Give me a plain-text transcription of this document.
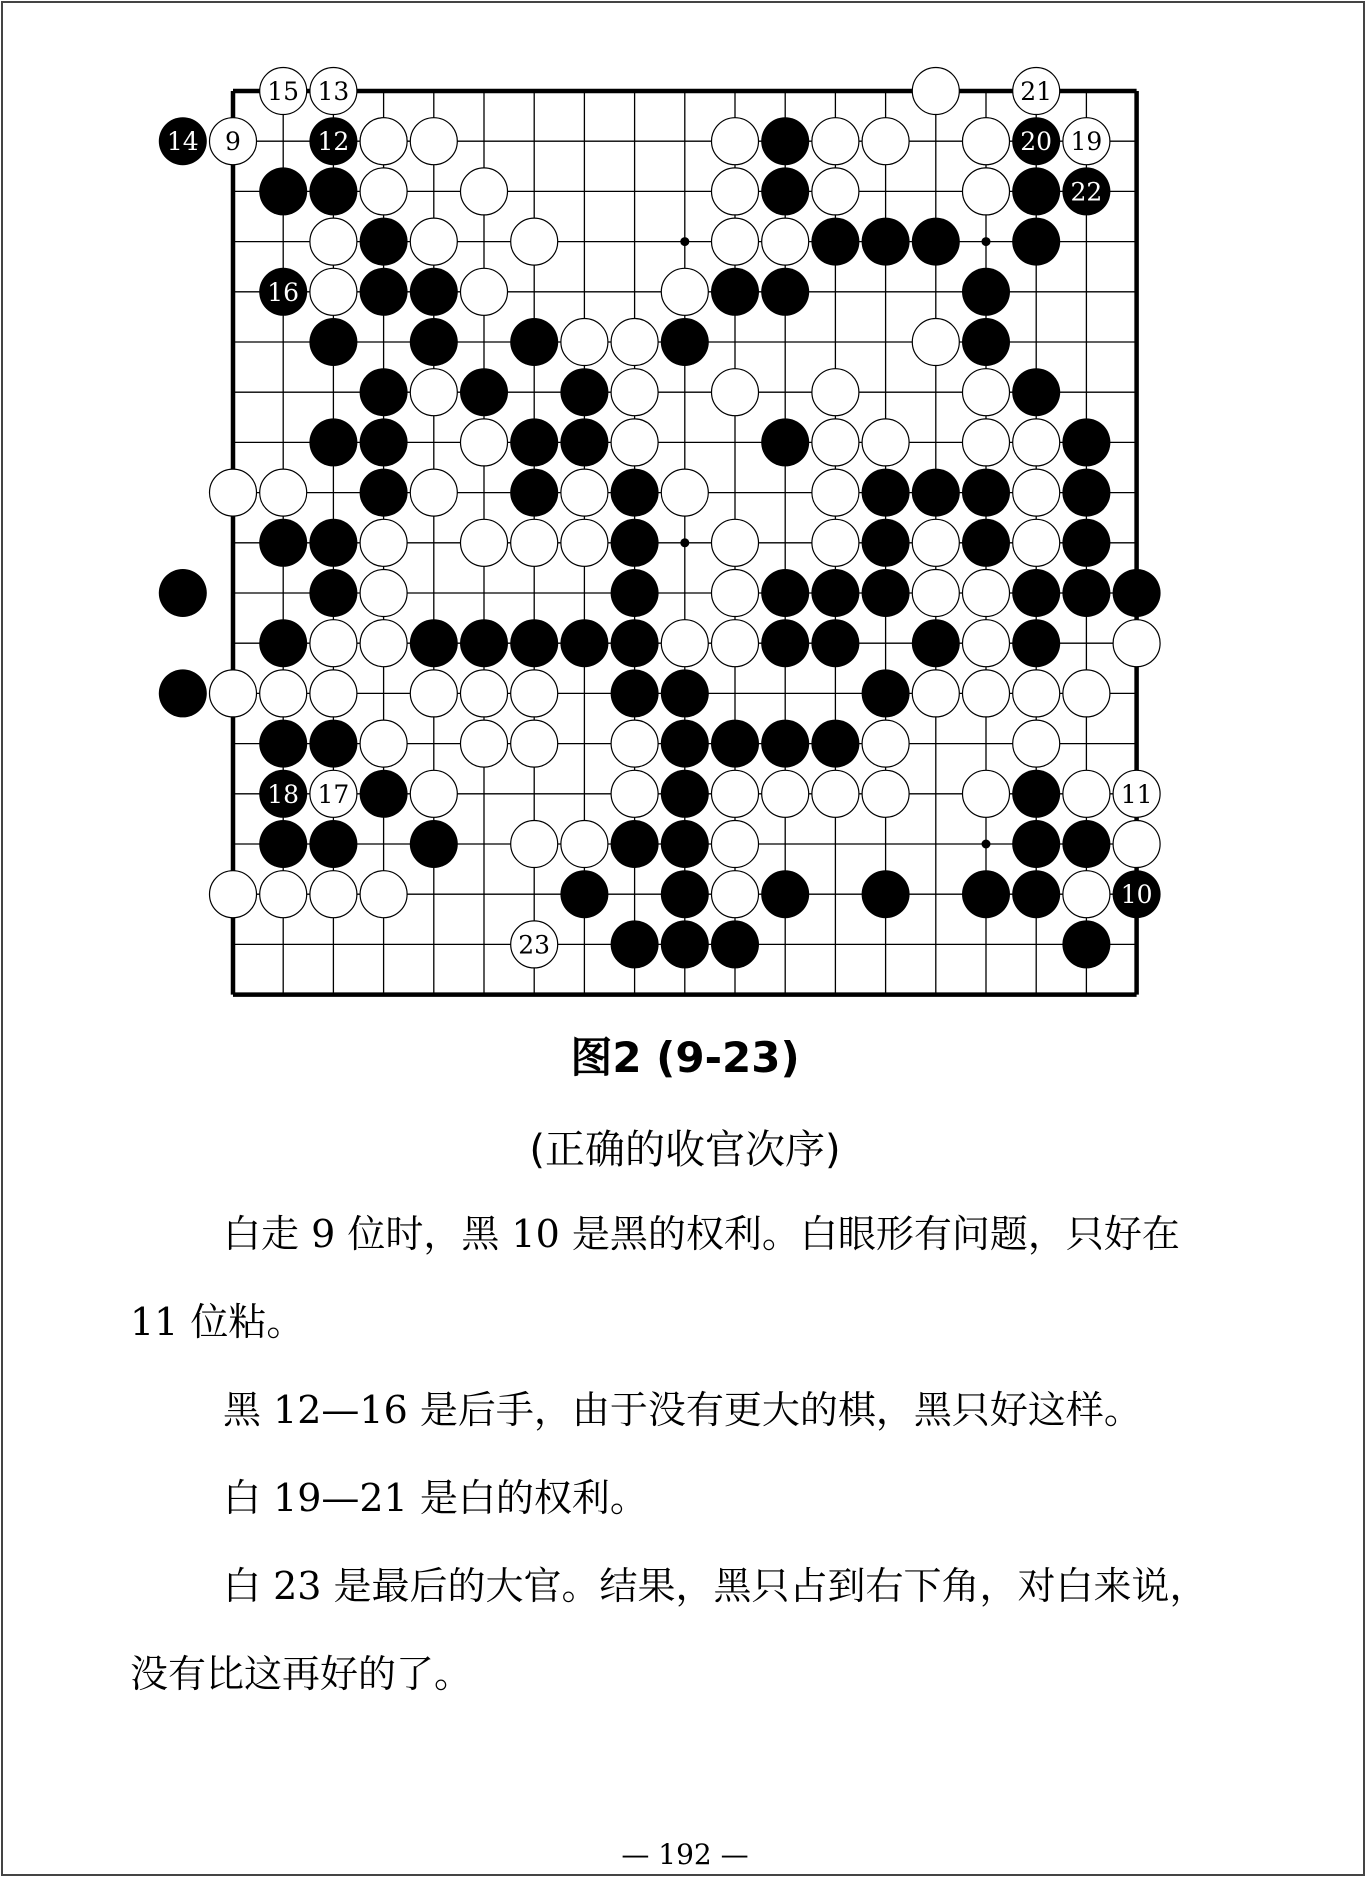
9
10
11
12
13
14
15
16
17
18
19
20
21
22
23
图2 (9-23)
(正确的收官次序)

白走 9 位时，黑 10 是黑的权利。白眼形有问题，只好在 11 位粘。

黑 12—16 是后手，由于没有更大的棋，黑只好这样。

白 19—21 是白的权利。

白 23 是最后的大官。结果，黑只占到右下角，对白来说，没有比这再好的了。

— 192 —
